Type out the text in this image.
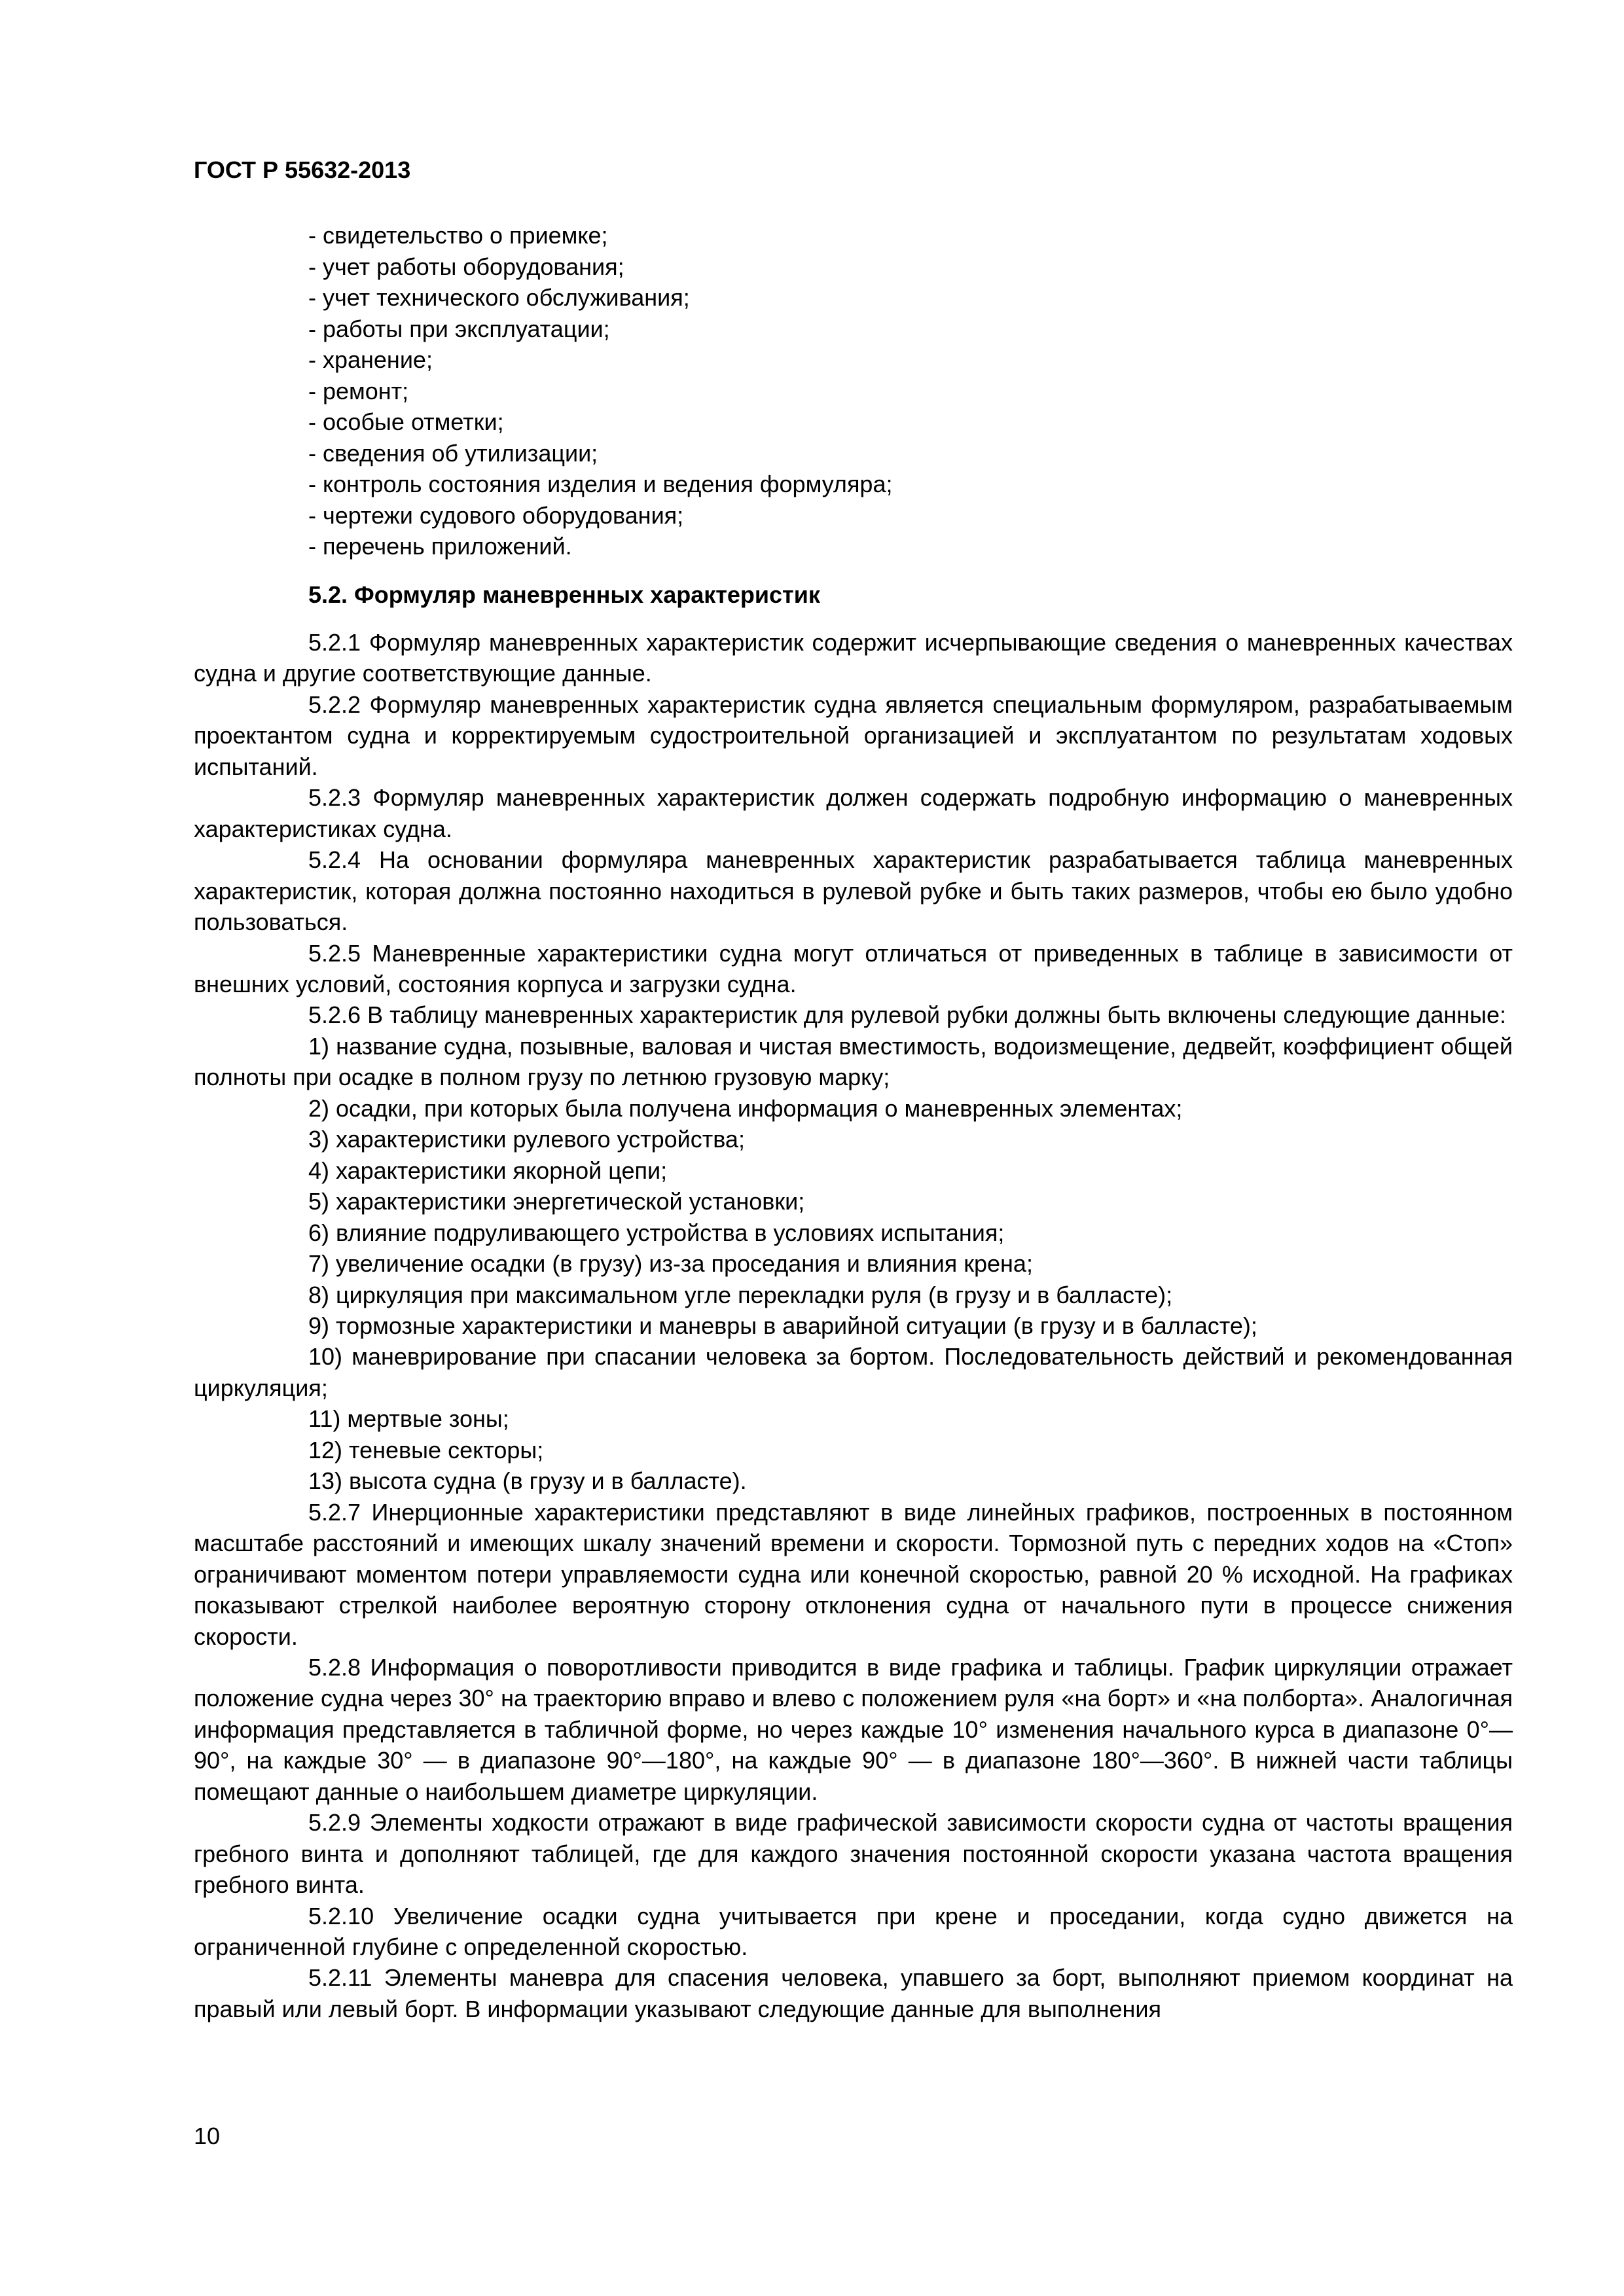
ГОСТ Р 55632-2013
- свидетельство о приемке;
- учет работы оборудования;
- учет технического обслуживания;
- работы при эксплуатации;
- хранение;
- ремонт;
- особые отметки;
- сведения об утилизации;
- контроль состояния изделия и ведения формуляра;
- чертежи судового оборудования;
- перечень приложений.
5.2. Формуляр маневренных характеристик

5.2.1 Формуляр маневренных характеристик содержит исчерпывающие сведения о маневренных качествах судна и другие соответствующие данные.

5.2.2 Формуляр маневренных характеристик судна является специальным формуляром, разрабатываемым проектантом судна и корректируемым судостроительной организацией и эксплуатантом по результатам ходовых испытаний.

5.2.3 Формуляр маневренных характеристик должен содержать подробную информацию о маневренных характеристиках судна.

5.2.4 На основании формуляра маневренных характеристик разрабатывается таблица маневренных характеристик, которая должна постоянно находиться в рулевой рубке и быть таких размеров, чтобы ею было удобно пользоваться.

5.2.5 Маневренные характеристики судна могут отличаться от приведенных в таблице в зависимости от внешних условий, состояния корпуса и загрузки судна.

5.2.6 В таблицу маневренных характеристик для рулевой рубки должны быть включены следующие данные:

1) название судна, позывные, валовая и чистая вместимость, водоизмещение, дедвейт, коэффициент общей полноты при осадке в полном грузу по летнюю грузовую марку;

2) осадки, при которых была получена информация о маневренных элементах;

3) характеристики рулевого устройства;

4) характеристики якорной цепи;

5) характеристики энергетической установки;

6) влияние подруливающего устройства в условиях испытания;

7) увеличение осадки (в грузу) из-за проседания и влияния крена;

8) циркуляция при максимальном угле перекладки руля (в грузу и в балласте);

9) тормозные характеристики и маневры в аварийной ситуации (в грузу и в балласте);

10) маневрирование при спасании человека за бортом. Последовательность действий и рекомендованная циркуляция;

11) мертвые зоны;

12) теневые секторы;

13) высота судна (в грузу и в балласте).

5.2.7 Инерционные характеристики представляют в виде линейных графиков, построенных в постоянном масштабе расстояний и имеющих шкалу значений времени и скорости. Тормозной путь с передних ходов на «Стоп» ограничивают моментом потери управляемости судна или конечной скоростью, равной 20 % исходной. На графиках показывают стрелкой наиболее вероятную сторону отклонения судна от начального пути в процессе снижения скорости.

5.2.8 Информация о поворотливости приводится в виде графика и таблицы. График циркуляции отражает положение судна через 30° на траекторию вправо и влево с положением руля «на борт» и «на полборта». Аналогичная информация представляется в табличной форме, но через каждые 10° изменения начального курса в диапазоне 0°—90°, на каждые 30° — в диапазоне 90°—180°, на каждые 90° — в диапазоне 180°—360°. В нижней части таблицы помещают данные о наибольшем диаметре циркуляции.

5.2.9 Элементы ходкости отражают в виде графической зависимости скорости судна от частоты вращения гребного винта и дополняют таблицей, где для каждого значения постоянной скорости указана частота вращения гребного винта.

5.2.10 Увеличение осадки судна учитывается при крене и проседании, когда судно движется на ограниченной глубине с определенной скоростью.

5.2.11 Элементы маневра для спасения человека, упавшего за борт, выполняют приемом координат на правый или левый борт. В информации указывают следующие данные для выполнения

10
